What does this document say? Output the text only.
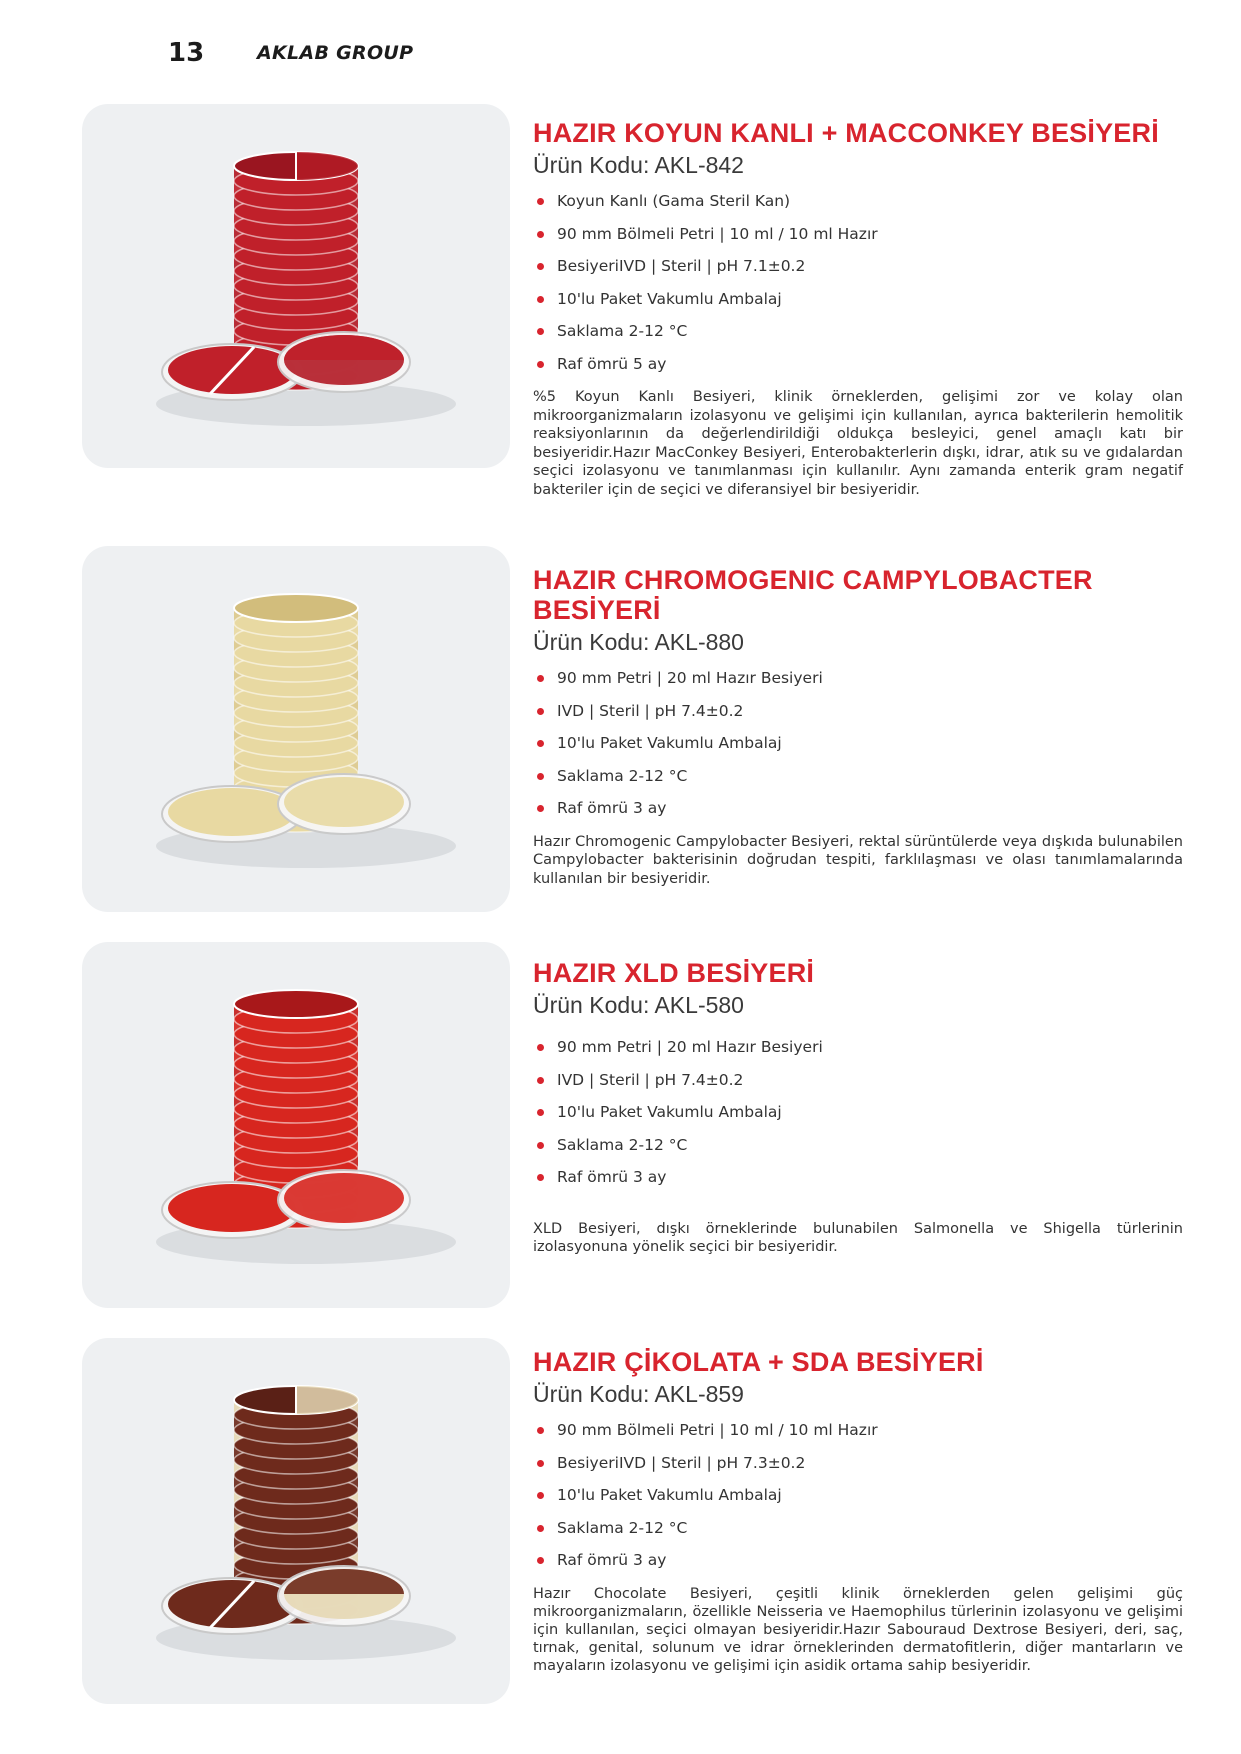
13	AKLAB GROUP
HAZIR KOYUN KANLI + MACCONKEY BESİYERİ
Ürün Kodu: AKL-842
Koyun Kanlı (Gama Steril Kan)
90 mm Bölmeli Petri | 10 ml / 10 ml Hazır
BesiyeriIVD | Steril | pH 7.1±0.2
10'lu Paket Vakumlu Ambalaj
Saklama 2-12 °C
Raf ömrü 5 ay

%5 Koyun Kanlı Besiyeri, klinik örneklerden, gelişimi zor ve kolay olan mikroorganizmaların izolasyonu ve gelişimi için kullanılan, ayrıca bakterilerin hemolitik reaksiyonlarının da değerlendirildiği oldukça besleyici, genel amaçlı katı bir besiyeridir.Hazır MacConkey Besiyeri, Enterobakterlerin dışkı, idrar, atık su ve gıdalardan seçici izolasyonu ve tanımlanması için kullanılır. Aynı zamanda enterik gram negatif bakteriler için de seçici ve diferansiyel bir besiyeridir.

HAZIR CHROMOGENIC CAMPYLOBACTER BESİYERİ
Ürün Kodu: AKL-880
90 mm Petri | 20 ml Hazır Besiyeri
IVD | Steril | pH 7.4±0.2
10'lu Paket Vakumlu Ambalaj
Saklama 2-12 °C
Raf ömrü 3 ay

Hazır Chromogenic Campylobacter Besiyeri, rektal sürüntülerde veya dışkıda bulunabilen Campylobacter bakterisinin doğrudan tespiti, farklılaşması ve olası tanımlamalarında kullanılan bir besiyeridir.

HAZIR XLD BESİYERİ
Ürün Kodu: AKL-580
90 mm Petri | 20 ml Hazır Besiyeri
IVD | Steril | pH 7.4±0.2
10'lu Paket Vakumlu Ambalaj
Saklama 2-12 °C
Raf ömrü 3 ay

XLD Besiyeri, dışkı örneklerinde bulunabilen Salmonella ve Shigella türlerinin izolasyonuna yönelik seçici bir besiyeridir.

HAZIR ÇİKOLATA + SDA BESİYERİ
Ürün Kodu: AKL-859
90 mm Bölmeli Petri | 10 ml / 10 ml Hazır
BesiyeriIVD | Steril | pH 7.3±0.2
10'lu Paket Vakumlu Ambalaj
Saklama 2-12 °C
Raf ömrü 3 ay

Hazır Chocolate Besiyeri, çeşitli klinik örneklerden gelen gelişimi güç mikroorganizmaların, özellikle Neisseria ve Haemophilus türlerinin izolasyonu ve gelişimi için kullanılan, seçici olmayan besiyeridir.Hazır Sabouraud Dextrose Besiyeri, deri, saç, tırnak, genital, solunum ve idrar örneklerinden dermatofitlerin, diğer mantarların ve mayaların izolasyonu ve gelişimi için asidik ortama sahip besiyeridir.
